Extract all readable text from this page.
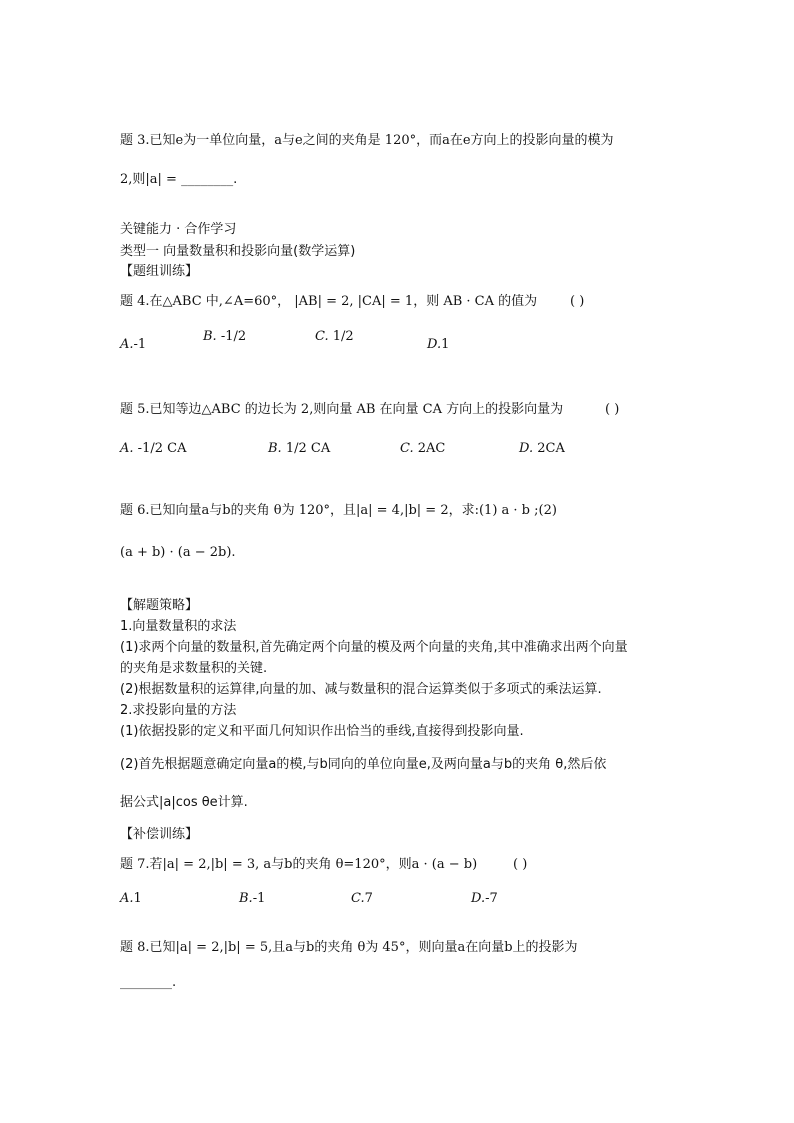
题 3.已知e为一单位向量，a与e之间的夹角是 120°，而a在e方向上的投影向量的模为
2,则|a| = ________.
关键能力 · 合作学习
类型一 向量数量积和投影向量(数学运算)
【题组训练】
题 4.在△ABC 中,∠A=60°， |AB| = 2, |CA| = 1，则 AB · CA 的值为	( )
A.-1
B. -1/2	C. 1/2
D.1
题 5.已知等边△ABC 的边长为 2,则向量 AB 在向量 CA 方向上的投影向量为	( )
A. -1/2 CA	B. 1/2 CA	C. 2AC	D. 2CA
题 6.已知向量a与b的夹角 θ为 120°，且|a| = 4,|b| = 2，求:(1) a · b ;(2)
(a + b) · (a − 2b).
【解题策略】
1.向量数量积的求法
(1)求两个向量的数量积,首先确定两个向量的模及两个向量的夹角,其中准确求出两个向量
的夹角是求数量积的关键.
(2)根据数量积的运算律,向量的加、减与数量积的混合运算类似于多项式的乘法运算.
2.求投影向量的方法
(1)依据投影的定义和平面几何知识作出恰当的垂线,直接得到投影向量.
(2)首先根据题意确定向量a的模,与b同向的单位向量e,及两向量a与b的夹角 θ,然后依
据公式|a|cos θe计算.
【补偿训练】
题 7.若|a| = 2,|b| = 3, a与b的夹角 θ=120°，则a · (a − b)	( )
A.1	B.-1	C.7	D.-7
题 8.已知|a| = 2,|b| = 5,且a与b的夹角 θ为 45°，则向量a在向量b上的投影为
________.
